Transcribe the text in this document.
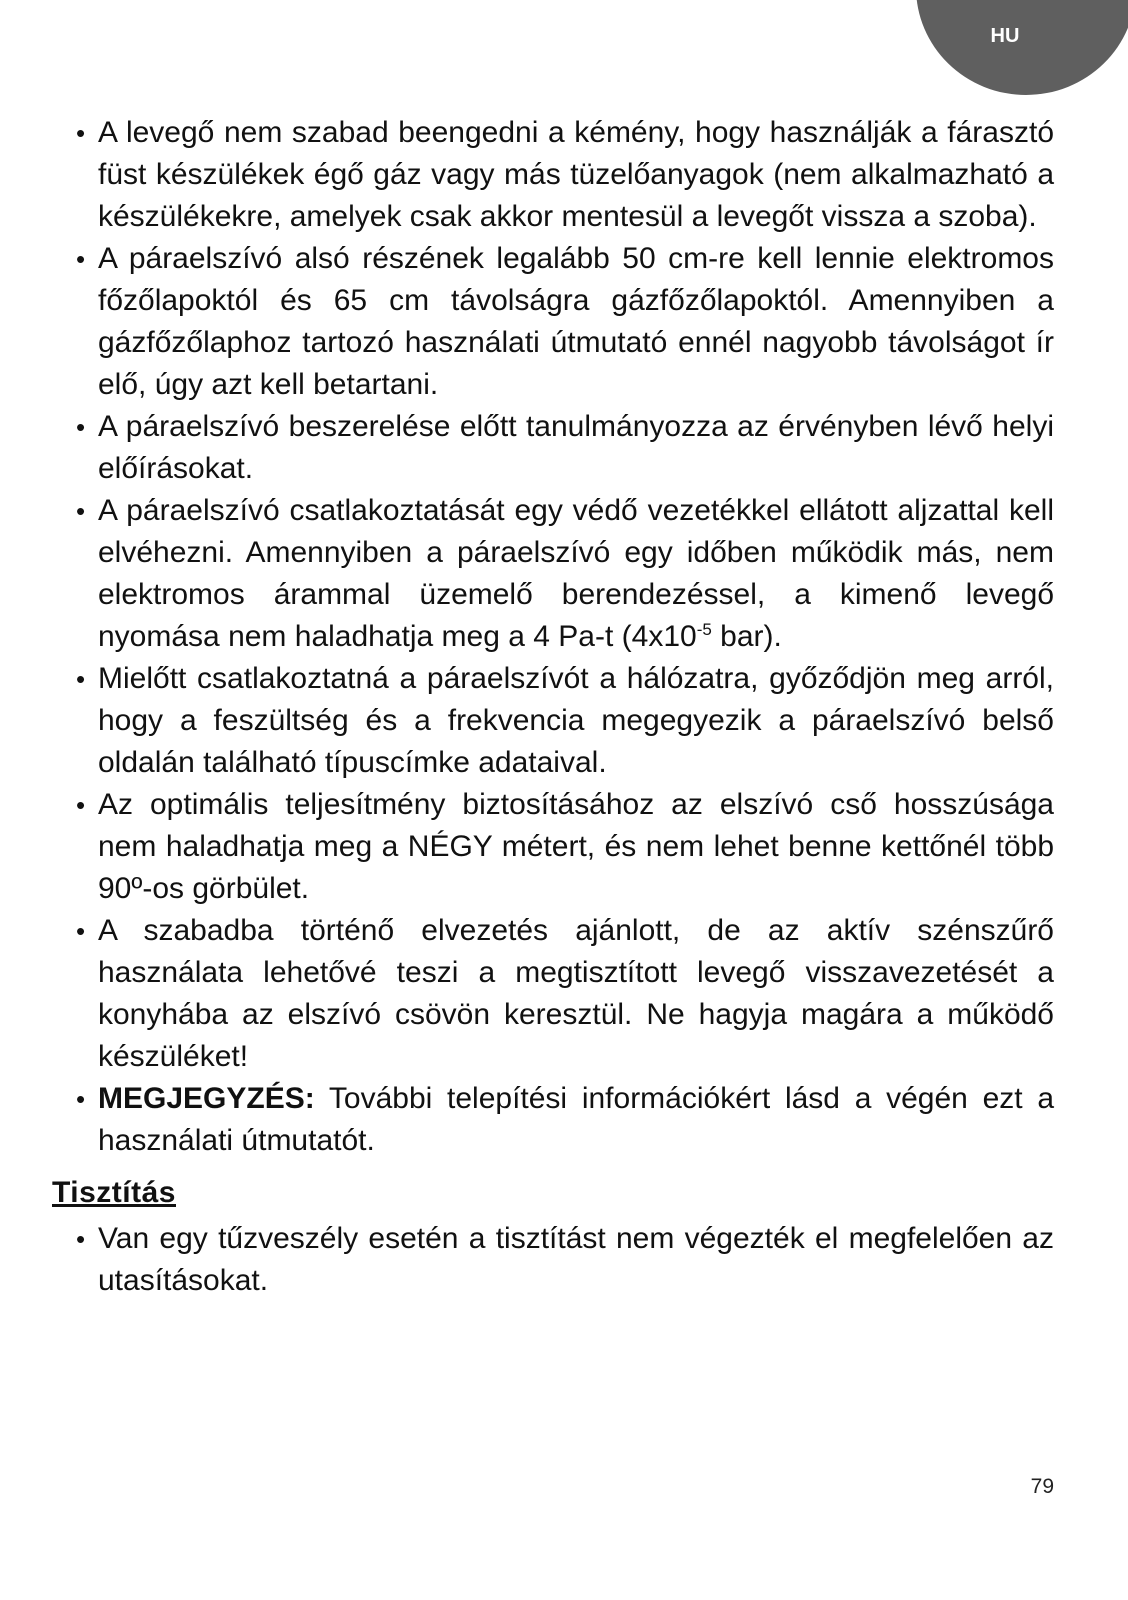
HU
• A levegő nem szabad beengedni a kémény, hogy használják a fárasztó füst készülékek égő gáz vagy más tüzelőanyagok (nem alkalmazható a készülékekre, amelyek csak akkor mentesül a levegőt vissza a szoba).
• A páraelszívó alsó részének legalább 50 cm-re kell lennie elektromos főzőlapoktól és 65 cm távolságra gázfőzőlapoktól. Amennyiben a gázfőzőlaphoz tartozó használati útmutató ennél nagyobb távolságot ír elő, úgy azt kell betartani.
• A páraelszívó beszerelése előtt tanulmányozza az érvényben lévő helyi előírásokat.
• A páraelszívó csatlakoztatását egy védő vezetékkel ellátott aljzattal kell elvéhezni. Amennyiben a páraelszívó egy időben működik más, nem elektromos árammal üzemelő berendezéssel, a kimenő levegő nyomása nem haladhatja meg a 4 Pa-t ($4x10^{-5}$ bar).
• Mielőtt csatlakoztatná a páraelszívót a hálózatra, győződjön meg arról, hogy a feszültség és a frekvencia megegyezik a páraelszívó belső oldalán található típuscímke adataival.
• Az optimális teljesítmény biztosításához az elszívó cső hosszúsága nem haladhatja meg a NÉGY métert, és nem lehet benne kettőnél több 90º-os görbület.
• A szabadba történő elvezetés ajánlott, de az aktív szénszűrő használata lehetővé teszi a megtisztított levegő visszavezetését a konyhába az elszívó csövön keresztül. Ne hagyja magára a működő készüléket!
• MEGJEGYZÉS: További telepítési információkért lásd a végén ezt a használati útmutatót.
Tisztítás
• Van egy tűzveszély esetén a tisztítást nem végezték el megfelelően az utasításokat.
79
